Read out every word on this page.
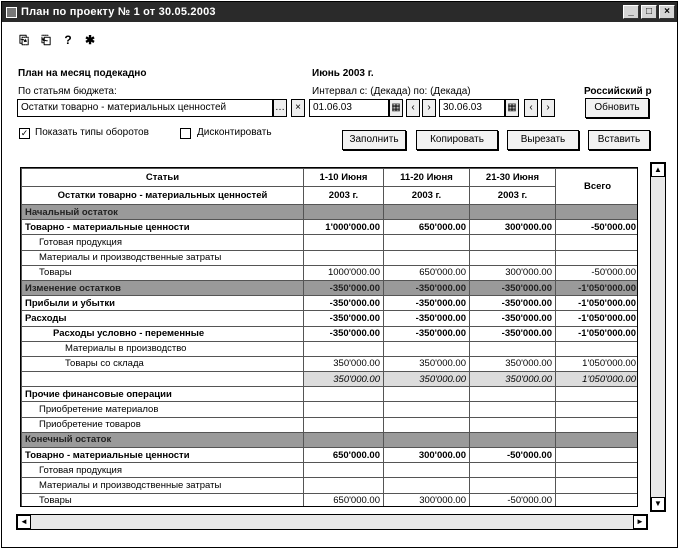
План по проекту № 1 от 30.05.2003	_	□	×
⎘ ⎗	?	✱
План на месяц подекадно	Июнь 2003 г.
По статьям бюджета:	Интервал с: (Декада) по: (Декада)	Российский р
Остатки товарно - материальных ценностей	…	×	01.06.03	▦	‹	›	30.06.03	▦	‹	›	Обновить
✓ Показать типы оборотов	Дисконтировать
Заполнить	Копировать	Вырезать	Вставить
Статьи	1-10 Июня	11-20 Июня	21-30 Июня	Всего
Остатки товарно - материальных ценностей	2003 г.	2003 г.	2003 г.	
Начальный остаток				
Товарно - материальные ценности	1'000'000.00	650'000.00	300'000.00	-50'000.00
Готовая продукция				
Материалы и производственные затраты				
Товары	1000'000.00	650'000.00	300'000.00	-50'000.00
Изменение остатков	-350'000.00	-350'000.00	-350'000.00	-1'050'000.00
Прибыли и убытки	-350'000.00	-350'000.00	-350'000.00	-1'050'000.00
Расходы	-350'000.00	-350'000.00	-350'000.00	-1'050'000.00
Расходы условно - переменные	-350'000.00	-350'000.00	-350'000.00	-1'050'000.00
Материалы в производство				
Товары со склада	350'000.00	350'000.00	350'000.00	1'050'000.00
	350'000.00	350'000.00	350'000.00	1'050'000.00
Прочие финансовые операции				
Приобретение материалов				
Приобретение товаров				
Конечный остаток				
Товарно - материальные ценности	650'000.00	300'000.00	-50'000.00	
Готовая продукция				
Материалы и производственные затраты				
Товары	650'000.00	300'000.00	-50'000.00	
▲
▼
◄	►
